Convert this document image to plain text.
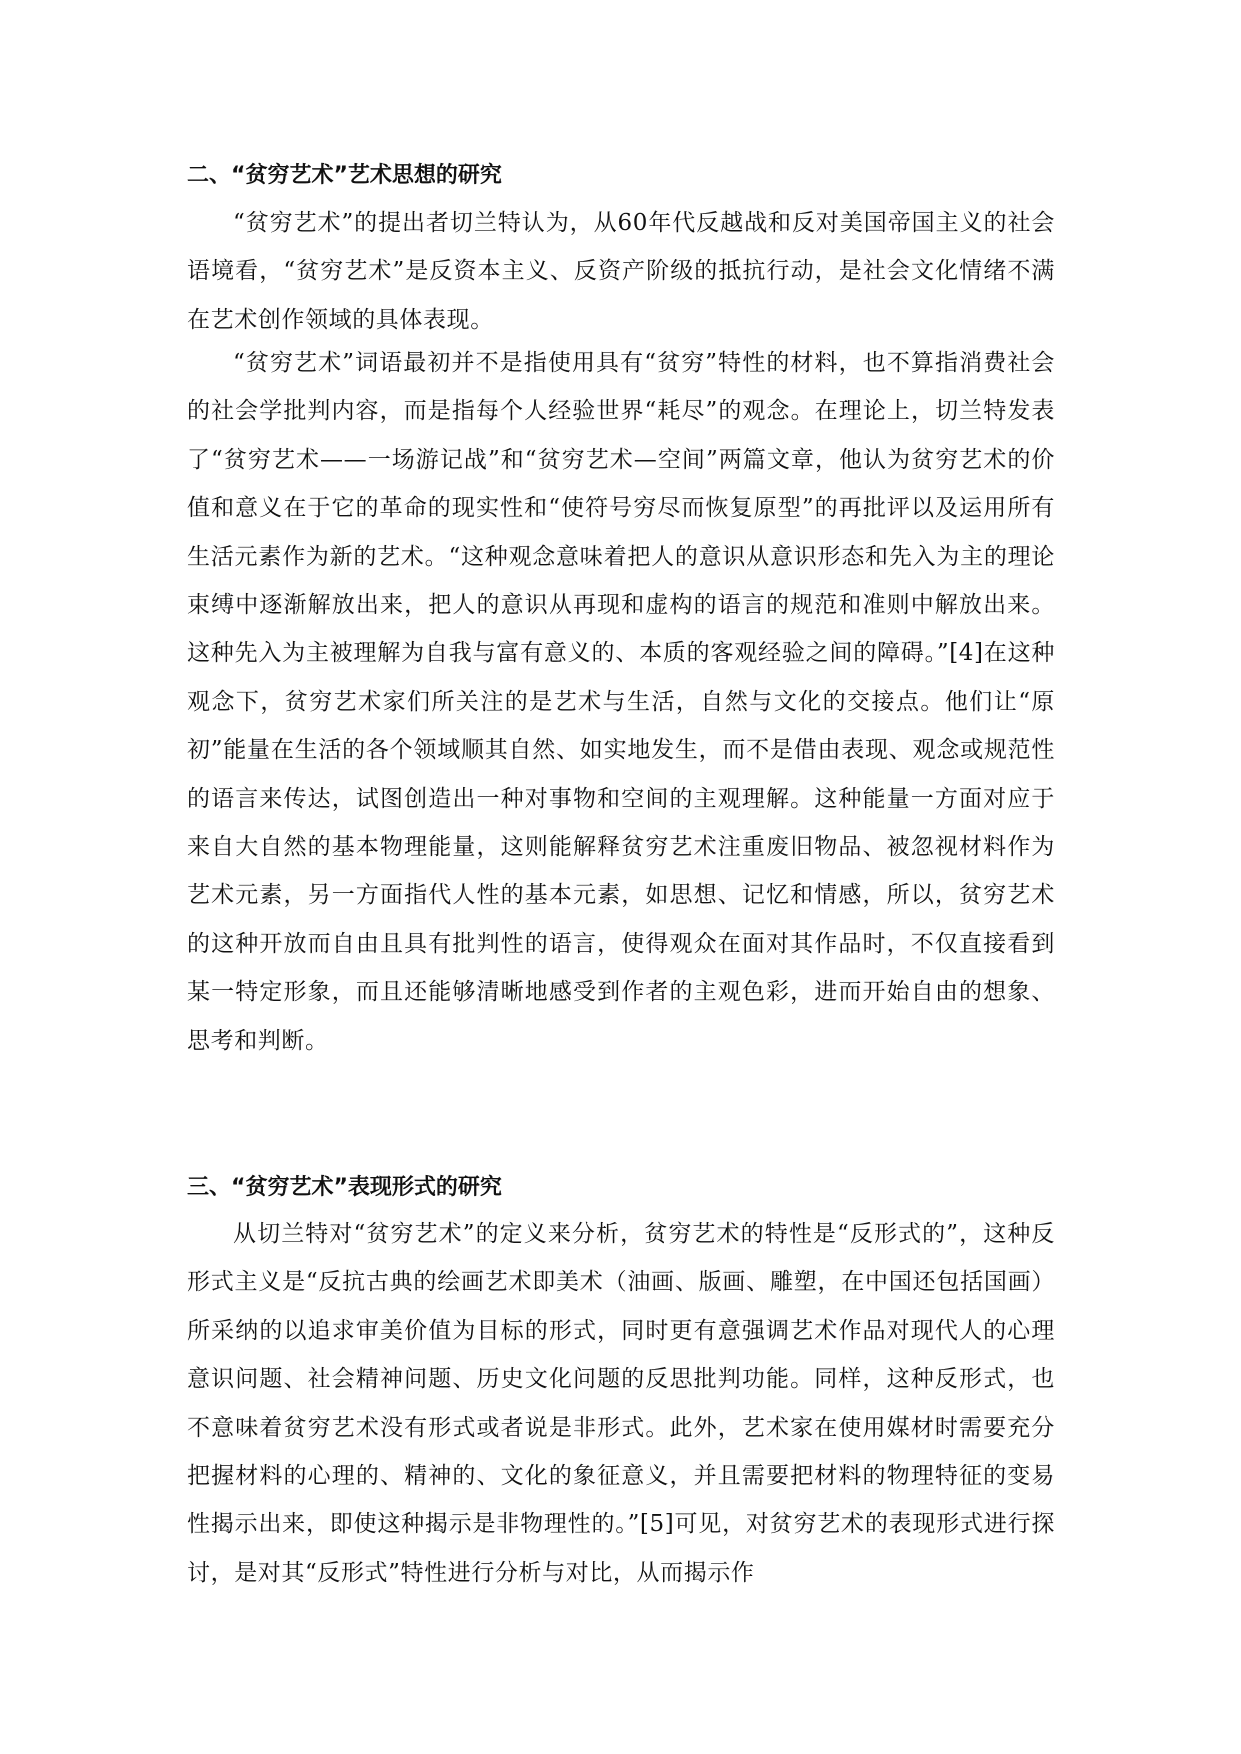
二、“贫穷艺术”艺术思想的研究

“贫穷艺术”的提出者切兰特认为，从60年代反越战和反对美国帝国主义的社会语境看，“贫穷艺术”是反资本主义、反资产阶级的抵抗行动，是社会文化情绪不满在艺术创作领域的具体表现。

“贫穷艺术”词语最初并不是指使用具有“贫穷”特性的材料，也不算指消费社会的社会学批判内容，而是指每个人经验世界“耗尽”的观念。在理论上，切兰特发表了“贫穷艺术——一场游记战”和“贫穷艺术—空间”两篇文章，他认为贫穷艺术的价值和意义在于它的革命的现实性和“使符号穷尽而恢复原型”的再批评以及运用所有生活元素作为新的艺术。“这种观念意味着把人的意识从意识形态和先入为主的理论束缚中逐渐解放出来，把人的意识从再现和虚构的语言的规范和准则中解放出来。这种先入为主被理解为自我与富有意义的、本质的客观经验之间的障碍。”[4]在这种观念下，贫穷艺术家们所关注的是艺术与生活，自然与文化的交接点。他们让“原初”能量在生活的各个领域顺其自然、如实地发生，而不是借由表现、观念或规范性的语言来传达，试图创造出一种对事物和空间的主观理解。这种能量一方面对应于来自大自然的基本物理能量，这则能解释贫穷艺术注重废旧物品、被忽视材料作为艺术元素，另一方面指代人性的基本元素，如思想、记忆和情感，所以，贫穷艺术的这种开放而自由且具有批判性的语言，使得观众在面对其作品时，不仅直接看到某一特定形象，而且还能够清晰地感受到作者的主观色彩，进而开始自由的想象、思考和判断。

三、“贫穷艺术”表现形式的研究

从切兰特对“贫穷艺术”的定义来分析，贫穷艺术的特性是“反形式的”，这种反形式主义是“反抗古典的绘画艺术即美术（油画、版画、雕塑，在中国还包括国画）所采纳的以追求审美价值为目标的形式，同时更有意强调艺术作品对现代人的心理意识问题、社会精神问题、历史文化问题的反思批判功能。同样，这种反形式，也不意味着贫穷艺术没有形式或者说是非形式。此外，艺术家在使用媒材时需要充分把握材料的心理的、精神的、文化的象征意义，并且需要把材料的物理特征的变易性揭示出来，即使这种揭示是非物理性的。”[5]可见，对贫穷艺术的表现形式进行探讨，是对其“反形式”特性进行分析与对比，从而揭示作
